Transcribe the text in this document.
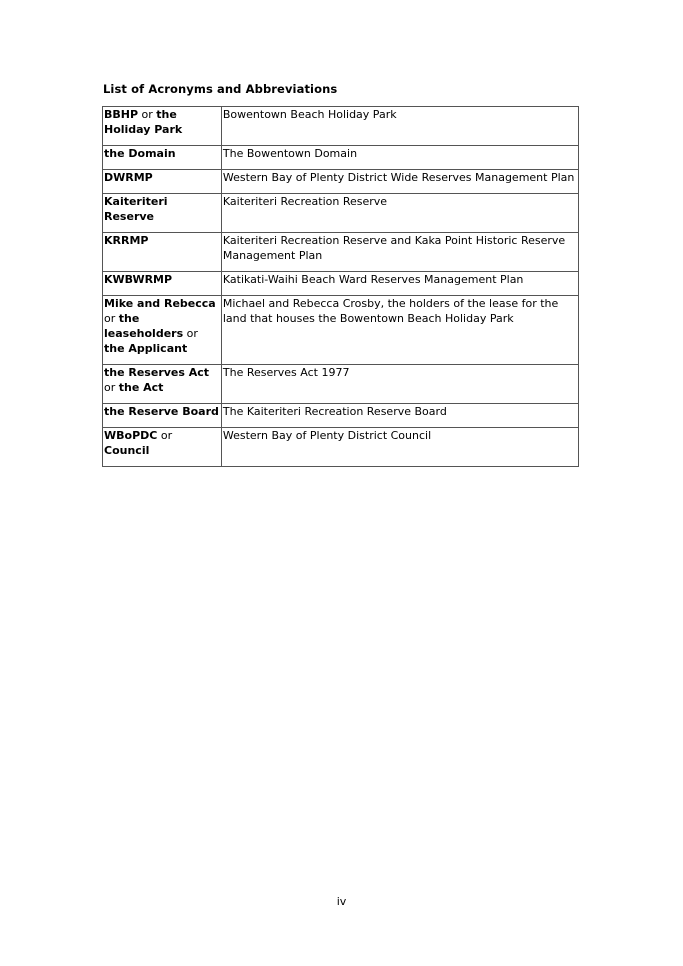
List of Acronyms and Abbreviations
BBHP or the Holiday Park	Bowentown Beach Holiday Park
the Domain	The Bowentown Domain
DWRMP	Western Bay of Plenty District Wide Reserves Management Plan
Kaiteriteri Reserve	Kaiteriteri Recreation Reserve
KRRMP	Kaiteriteri Recreation Reserve and Kaka Point Historic Reserve Management Plan
KWBWRMP	Katikati-Waihi Beach Ward Reserves Management Plan
Mike and Rebecca or the leaseholders or the Applicant	Michael and Rebecca Crosby, the holders of the lease for the land that houses the Bowentown Beach Holiday Park
the Reserves Act or the Act	The Reserves Act 1977
the Reserve Board	The Kaiteriteri Recreation Reserve Board
WBoPDC or Council	Western Bay of Plenty District Council
iv
